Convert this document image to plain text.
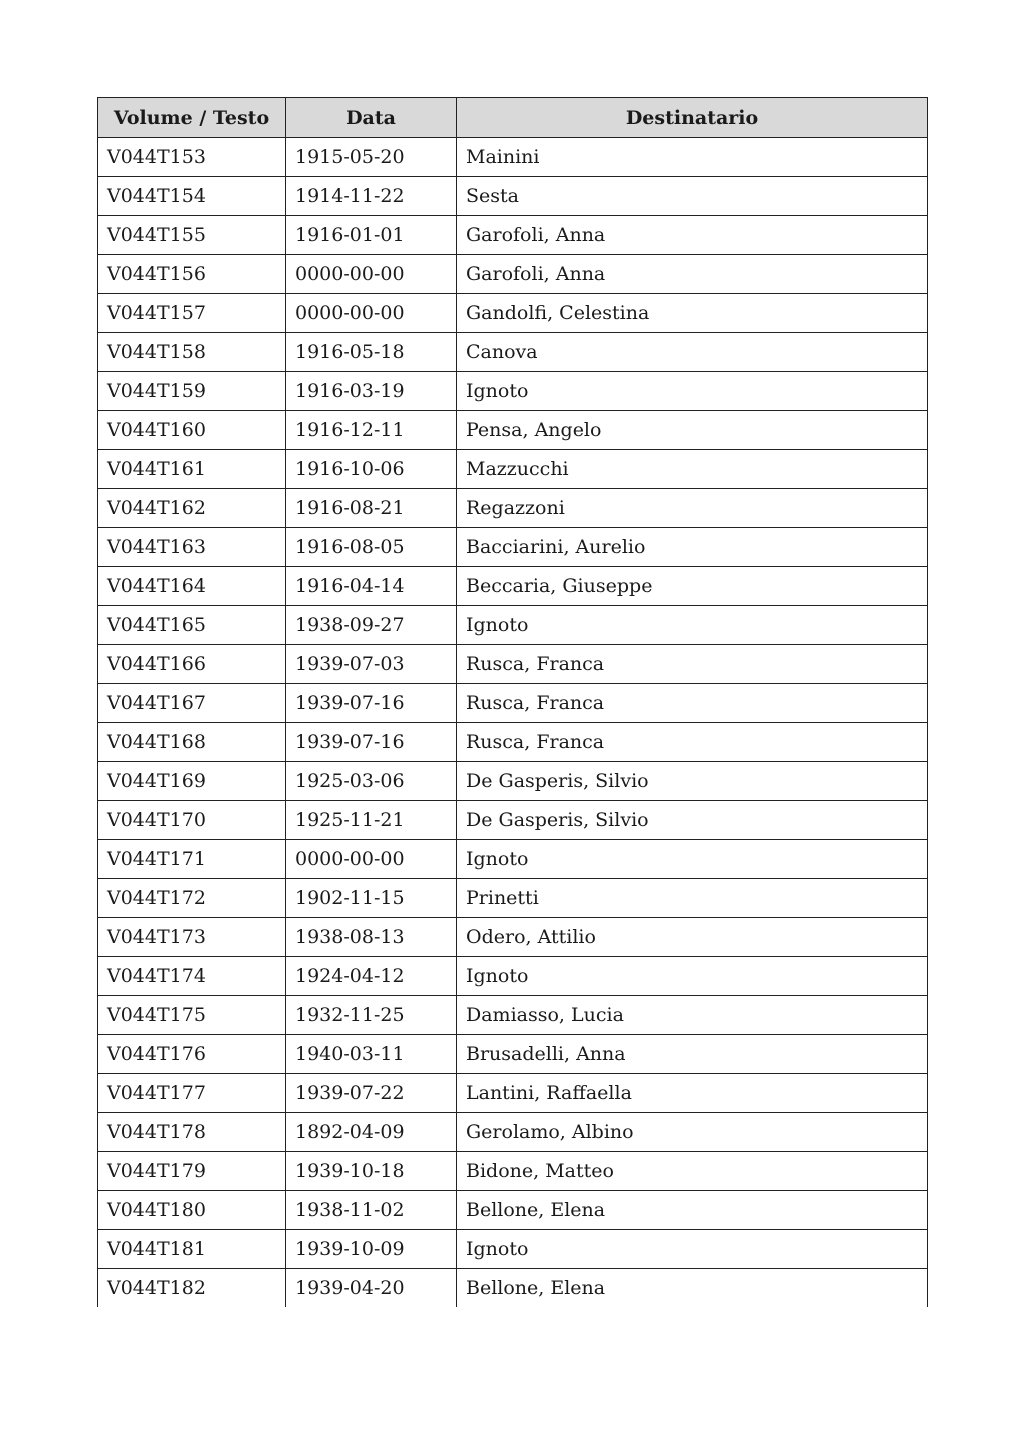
Volume / Testo	Data	Destinatario
V044T153	1915-05-20	Mainini
V044T154	1914-11-22	Sesta
V044T155	1916-01-01	Garofoli, Anna
V044T156	0000-00-00	Garofoli, Anna
V044T157	0000-00-00	Gandolfi, Celestina
V044T158	1916-05-18	Canova
V044T159	1916-03-19	Ignoto
V044T160	1916-12-11	Pensa, Angelo
V044T161	1916-10-06	Mazzucchi
V044T162	1916-08-21	Regazzoni
V044T163	1916-08-05	Bacciarini, Aurelio
V044T164	1916-04-14	Beccaria, Giuseppe
V044T165	1938-09-27	Ignoto
V044T166	1939-07-03	Rusca, Franca
V044T167	1939-07-16	Rusca, Franca
V044T168	1939-07-16	Rusca, Franca
V044T169	1925-03-06	De Gasperis, Silvio
V044T170	1925-11-21	De Gasperis, Silvio
V044T171	0000-00-00	Ignoto
V044T172	1902-11-15	Prinetti
V044T173	1938-08-13	Odero, Attilio
V044T174	1924-04-12	Ignoto
V044T175	1932-11-25	Damiasso, Lucia
V044T176	1940-03-11	Brusadelli, Anna
V044T177	1939-07-22	Lantini, Raffaella
V044T178	1892-04-09	Gerolamo, Albino
V044T179	1939-10-18	Bidone, Matteo
V044T180	1938-11-02	Bellone, Elena
V044T181	1939-10-09	Ignoto
V044T182	1939-04-20	Bellone, Elena
